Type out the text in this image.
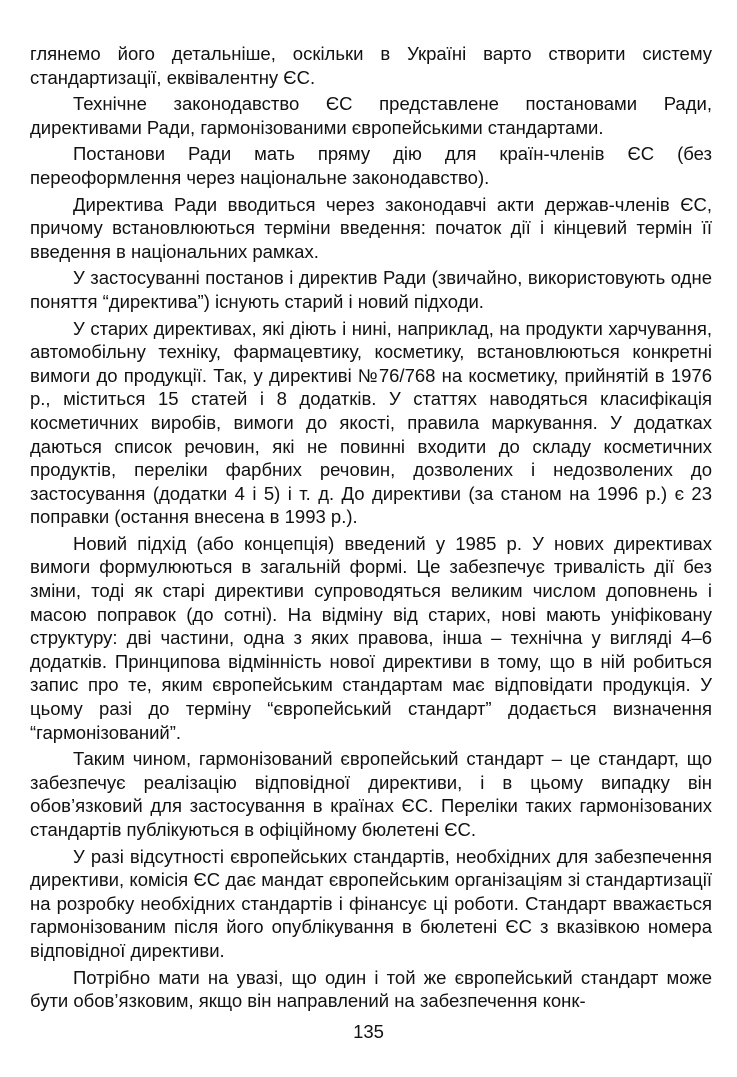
глянемо його детальніше, оскільки в Україні варто створити систему стандартизації, еквівалентну ЄС.

Технічне законодавство ЄС представлене постановами Ради, директивами Ради, гармонізованими європейськими стандартами.

Постанови Ради мать пряму дію для країн-членів ЄС (без переоформлення через національне законодавство).

Директива Ради вводиться через законодавчі акти держав-членів ЄС, причому встановлюються терміни введення: початок дії і кінцевий термін її введення в національних рамках.

У застосуванні постанов і директив Ради (звичайно, використовують одне поняття “директива”) існують старий і новий підходи.

У старих директивах, які діють і нині, наприклад, на продукти харчування, автомобільну техніку, фармацевтику, косметику, встановлюються конкретні вимоги до продукції. Так, у директиві №76/768 на косметику, прийнятій в 1976 р., міститься 15 статей і 8 додатків. У статтях наводяться класифікація косметичних виробів, вимоги до якості, правила маркування. У додатках даються список речовин, які не повинні входити до складу косметичних продуктів, переліки фарбних речовин, дозволених і недозволених до застосування (додатки 4 і 5) і т. д. До директиви (за станом на 1996 р.) є 23 поправки (остання внесена в 1993 р.).

Новий підхід (або концепція) введений у 1985 р. У нових директивах вимоги формулюються в загальній формі. Це забезпечує тривалість дії без зміни, тоді як старі директиви супроводяться великим числом доповнень і масою поправок (до сотні). На відміну від старих, нові мають уніфіковану структуру: дві частини, одна з яких правова, інша – технічна у вигляді 4–6 додатків. Принципова відмінність нової директиви в тому, що в ній робиться запис про те, яким європейським стандартам має відповідати продукція. У цьому разі до терміну “європейський стандарт” додається визначення “гармонізований”.

Таким чином, гармонізований європейський стандарт – це стандарт, що забезпечує реалізацію відповідної директиви, і в цьому випадку він обов’язковий для застосування в країнах ЄС. Переліки таких гармонізованих стандартів публікуються в офіційному бюлетені ЄС.

У разі відсутності європейських стандартів, необхідних для забезпечення директиви, комісія ЄС дає мандат європейським організаціям зі стандартизації на розробку необхідних стандартів і фінансує ці роботи. Стандарт вважається гармонізованим після його опублікування в бюлетені ЄС з вказівкою номера відповідної директиви.

Потрібно мати на увазі, що один і той же європейський стандарт може бути обов’язковим, якщо він направлений на забезпечення конк-

135
